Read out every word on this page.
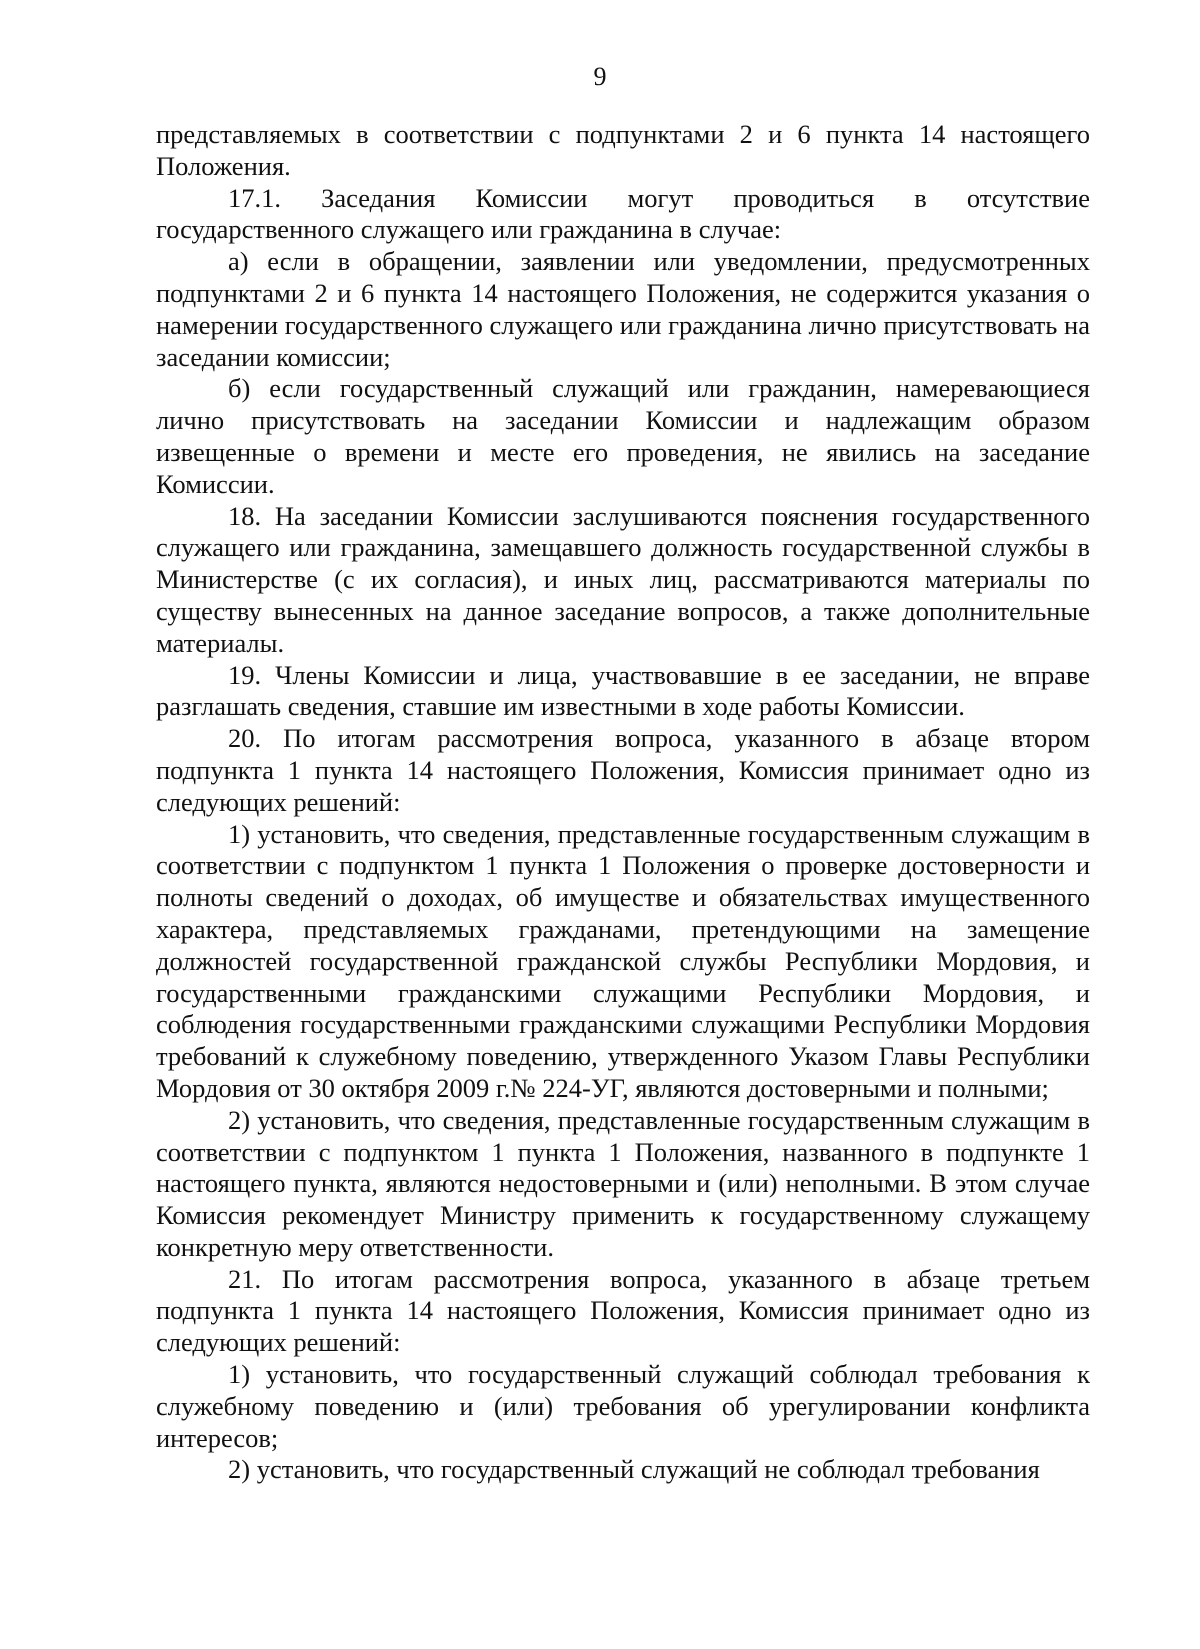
9

представляемых в соответствии с подпунктами 2 и 6 пункта 14 настоящего Положения.

17.1. Заседания Комиссии могут проводиться в отсутствие государственного служащего или гражданина в случае:

а) если в обращении, заявлении или уведомлении, предусмотренных подпунктами 2 и 6 пункта 14 настоящего Положения, не содержится указания о намерении государственного служащего или гражданина лично присутствовать на заседании комиссии;

б) если государственный служащий или гражданин, намеревающиеся лично присутствовать на заседании Комиссии и надлежащим образом извещенные о времени и месте его проведения, не явились на заседание Комиссии.

18. На заседании Комиссии заслушиваются пояснения государственного служащего или гражданина, замещавшего должность государственной службы в Министерстве (с их согласия), и иных лиц, рассматриваются материалы по существу вынесенных на данное заседание вопросов, а также дополнительные материалы.

19. Члены Комиссии и лица, участвовавшие в ее заседании, не вправе разглашать сведения, ставшие им известными в ходе работы Комиссии.

20. По итогам рассмотрения вопроса, указанного в абзаце втором подпункта 1 пункта 14 настоящего Положения, Комиссия принимает одно из следующих решений:

1) установить, что сведения, представленные государственным служащим в соответствии с подпунктом 1 пункта 1 Положения о проверке достоверности и полноты сведений о доходах, об имуществе и обязательствах имущественного характера, представляемых гражданами, претендующими на замещение должностей государственной гражданской службы Республики Мордовия, и государственными гражданскими служащими Республики Мордовия, и соблюдения государственными гражданскими служащими Республики Мордовия требований к служебному поведению, утвержденного Указом Главы Республики Мордовия от 30 октября 2009 г.№ 224-УГ, являются достоверными и полными;

2) установить, что сведения, представленные государственным служащим в соответствии с подпунктом 1 пункта 1 Положения, названного в подпункте 1 настоящего пункта, являются недостоверными и (или) неполными. В этом случае Комиссия рекомендует Министру применить к государственному служащему конкретную меру ответственности.

21. По итогам рассмотрения вопроса, указанного в абзаце третьем подпункта 1 пункта 14 настоящего Положения, Комиссия принимает одно из следующих решений:

1) установить, что государственный служащий соблюдал требования к служебному поведению и (или) требования об урегулировании конфликта интересов;

2) установить, что государственный служащий не соблюдал требования
